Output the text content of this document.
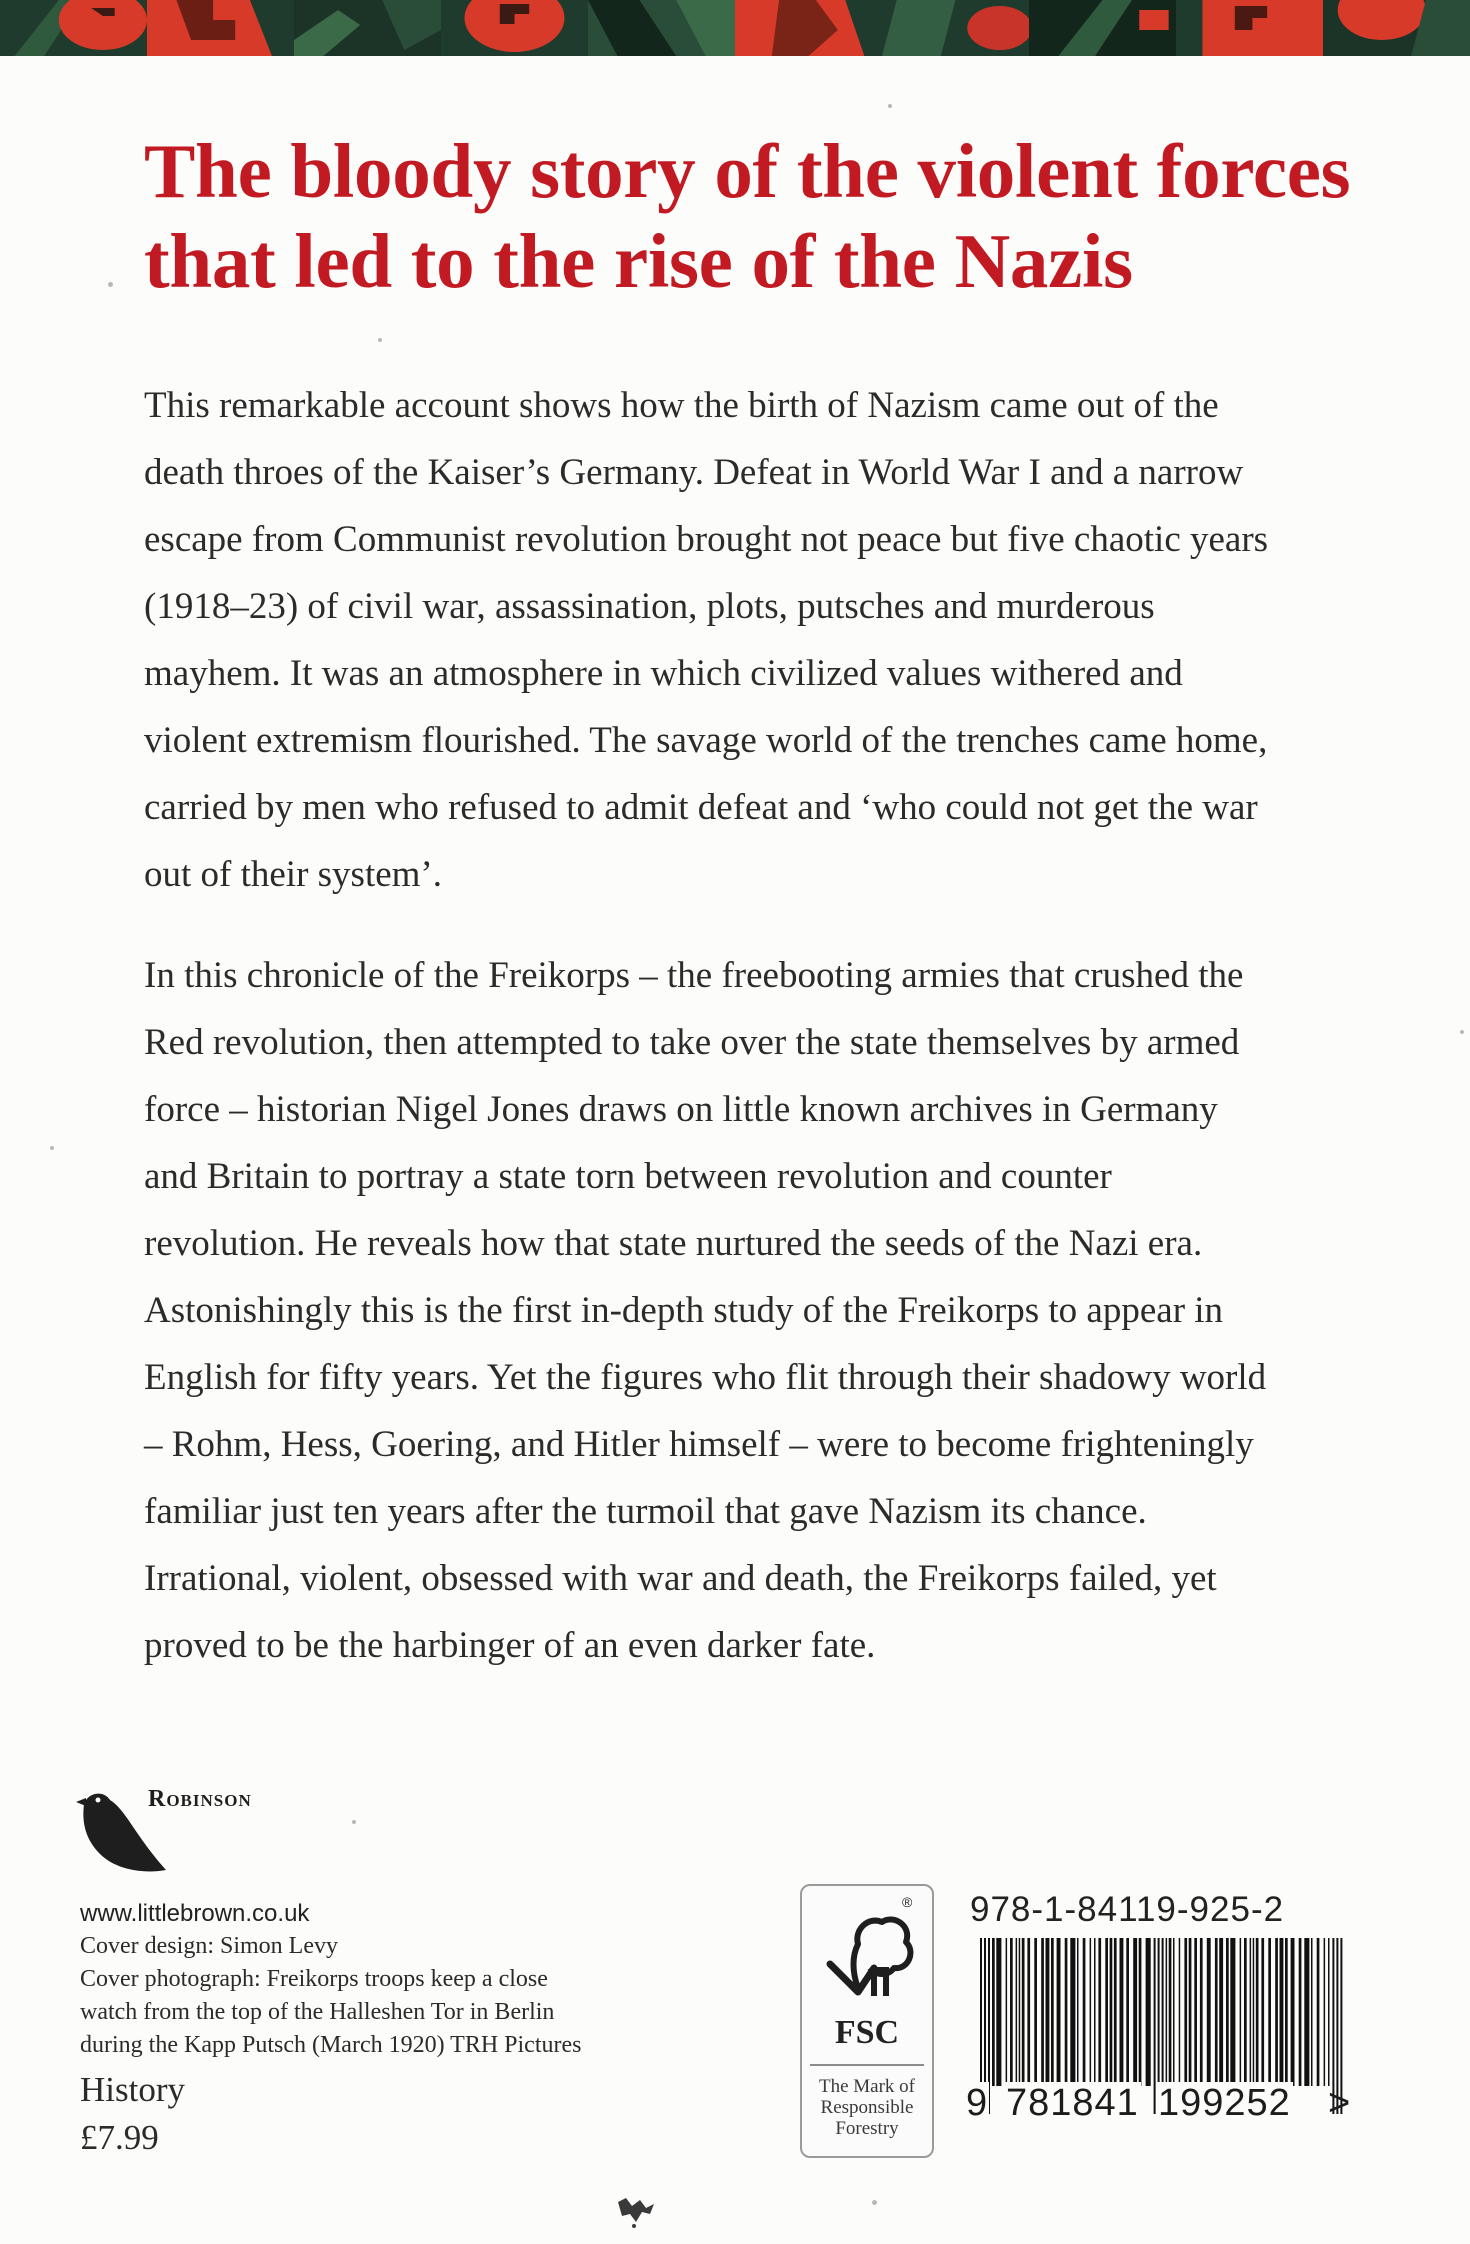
The bloody story of the violent forces
that led to the rise of the Nazis

This remarkable account shows how the birth of Nazism came out of the
death throes of the Kaiser’s Germany. Defeat in World War I and a narrow
escape from Communist revolution brought not peace but five chaotic years
(1918–23) of civil war, assassination, plots, putsches and murderous
mayhem. It was an atmosphere in which civilized values withered and
violent extremism flourished. The savage world of the trenches came home,
carried by men who refused to admit defeat and ‘who could not get the war
out of their system’.

In this chronicle of the Freikorps – the freebooting armies that crushed the
Red revolution, then attempted to take over the state themselves by armed
force – historian Nigel Jones draws on little known archives in Germany
and Britain to portray a state torn between revolution and counter
revolution. He reveals how that state nurtured the seeds of the Nazi era.
Astonishingly this is the first in-depth study of the Freikorps to appear in
English for fifty years. Yet the figures who flit through their shadowy world
– Rohm, Hess, Goering, and Hitler himself – were to become frighteningly
familiar just ten years after the turmoil that gave Nazism its chance.
Irrational, violent, obsessed with war and death, the Freikorps failed, yet
proved to be the harbinger of an even darker fate.

Robinson
www.littlebrown.co.uk
Cover design: Simon Levy
Cover photograph: Freikorps troops keep a close
watch from the top of the Halleshen Tor in Berlin
during the Kapp Putsch (March 1920) TRH Pictures
History
£7.99
®
FSC
The Mark of
Responsible
Forestry
978-1-84119-925-2
9 781841 199252 >
